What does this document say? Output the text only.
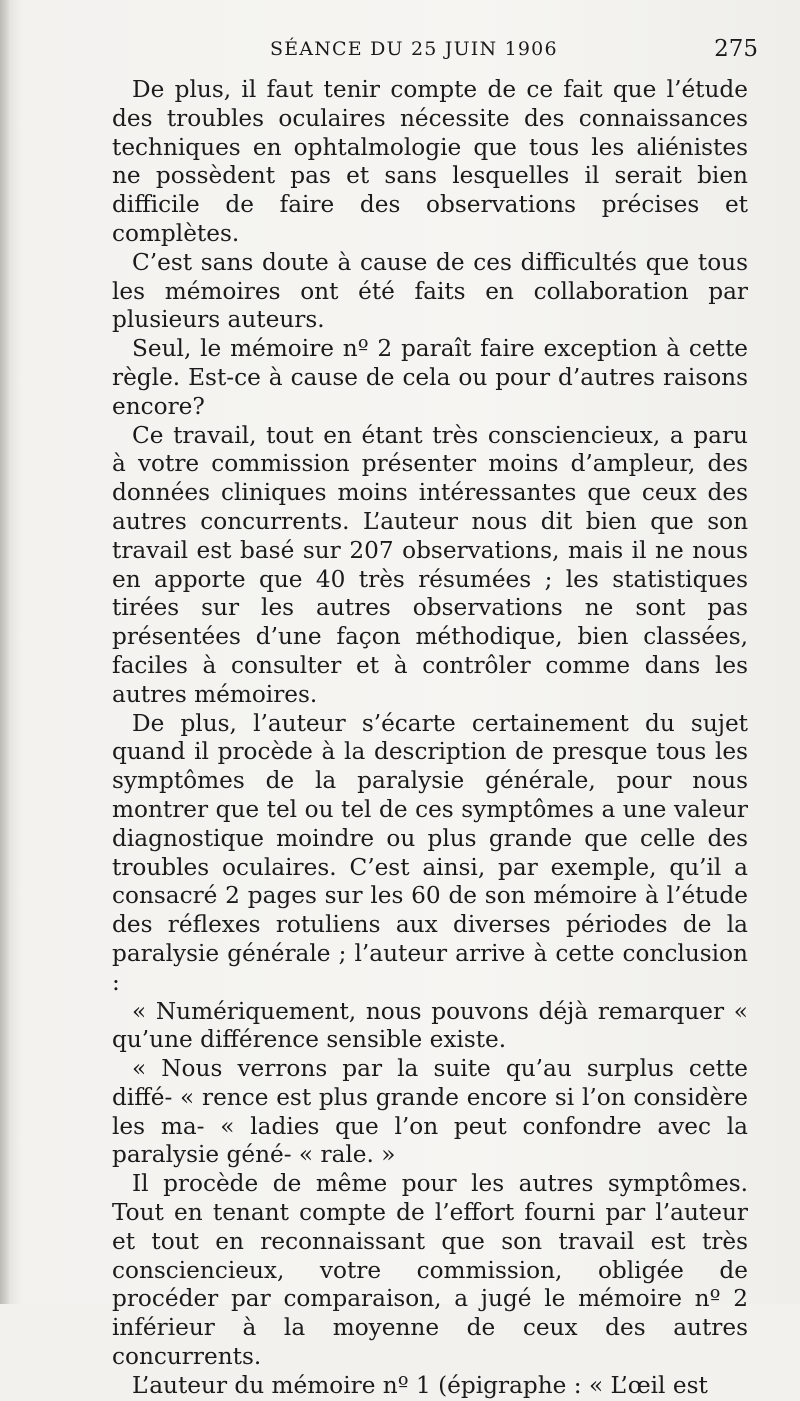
SÉANCE DU 25 JUIN 1906	275

De plus, il faut tenir compte de ce fait que l’étude des troubles oculaires nécessite des connaissances techniques en ophtalmologie que tous les aliénistes ne possèdent pas et sans lesquelles il serait bien difficile de faire des observations précises et complètes.

C’est sans doute à cause de ces difficultés que tous les mémoires ont été faits en collaboration par plusieurs auteurs.

Seul, le mémoire nº 2 paraît faire exception à cette règle. Est-ce à cause de cela ou pour d’autres raisons encore?

Ce travail, tout en étant très consciencieux, a paru à votre commission présenter moins d’ampleur, des données cliniques moins intéressantes que ceux des autres concurrents. L’auteur nous dit bien que son travail est basé sur 207 observations, mais il ne nous en apporte que 40 très résumées ; les statistiques tirées sur les autres observations ne sont pas présentées d’une façon méthodique, bien classées, faciles à consulter et à contrôler comme dans les autres mémoires.

De plus, l’auteur s’écarte certainement du sujet quand il procède à la description de presque tous les symptômes de la paralysie générale, pour nous montrer que tel ou tel de ces symptômes a une valeur diagnostique moindre ou plus grande que celle des troubles oculaires. C’est ainsi, par exemple, qu’il a consacré 2 pages sur les 60 de son mémoire à l’étude des réflexes rotuliens aux diverses périodes de la paralysie générale ; l’auteur arrive à cette conclusion :

« Numériquement, nous pouvons déjà remarquer « qu’une différence sensible existe.

« Nous verrons par la suite qu’au surplus cette diffé- « rence est plus grande encore si l’on considère les ma- « ladies que l’on peut confondre avec la paralysie géné- « rale. »

Il procède de même pour les autres symptômes. Tout en tenant compte de l’effort fourni par l’auteur et tout en reconnaissant que son travail est très consciencieux, votre commission, obligée de procéder par comparaison, a jugé le mémoire nº 2 inférieur à la moyenne de ceux des autres concurrents.

L’auteur du mémoire nº 1 (épigraphe : « L’œil est
